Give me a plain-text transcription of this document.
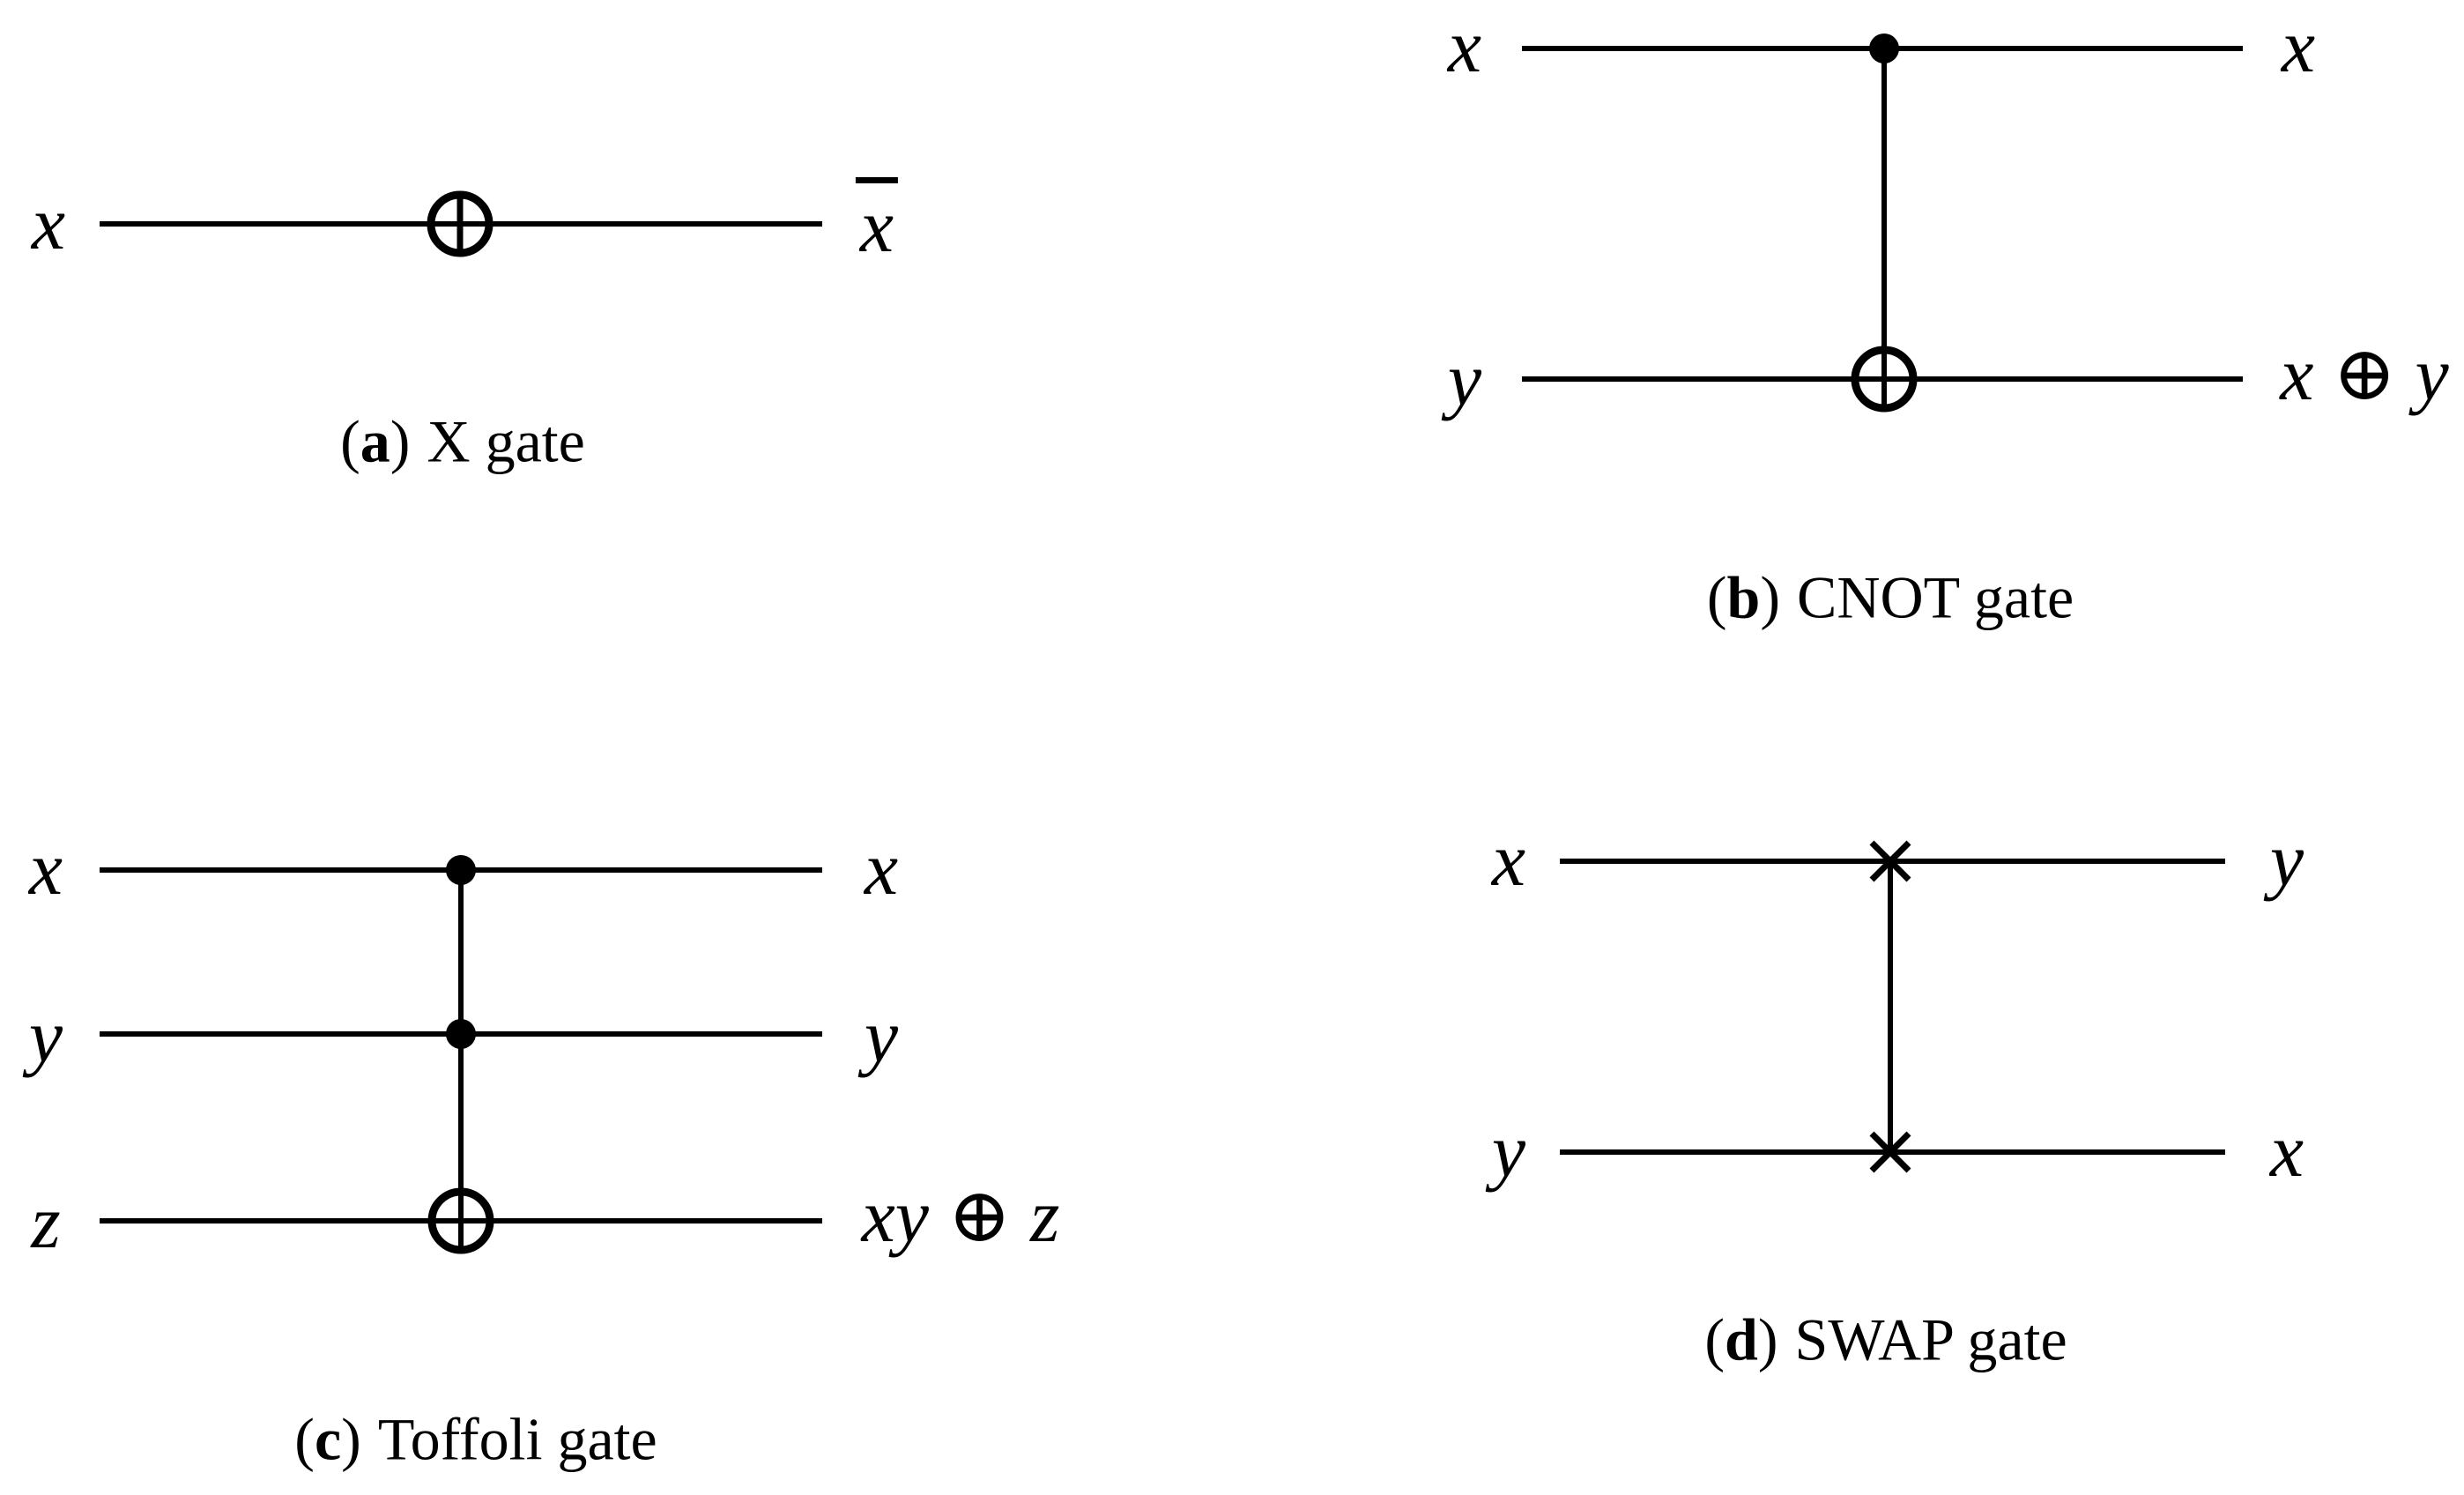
x	x
(a) X gate
x
y
x
x ⊕ y
(b) CNOT gate
x
y
z
x
y
xy ⊕ z
(c) Toffoli gate
x
y
y
x
(d) SWAP gate
